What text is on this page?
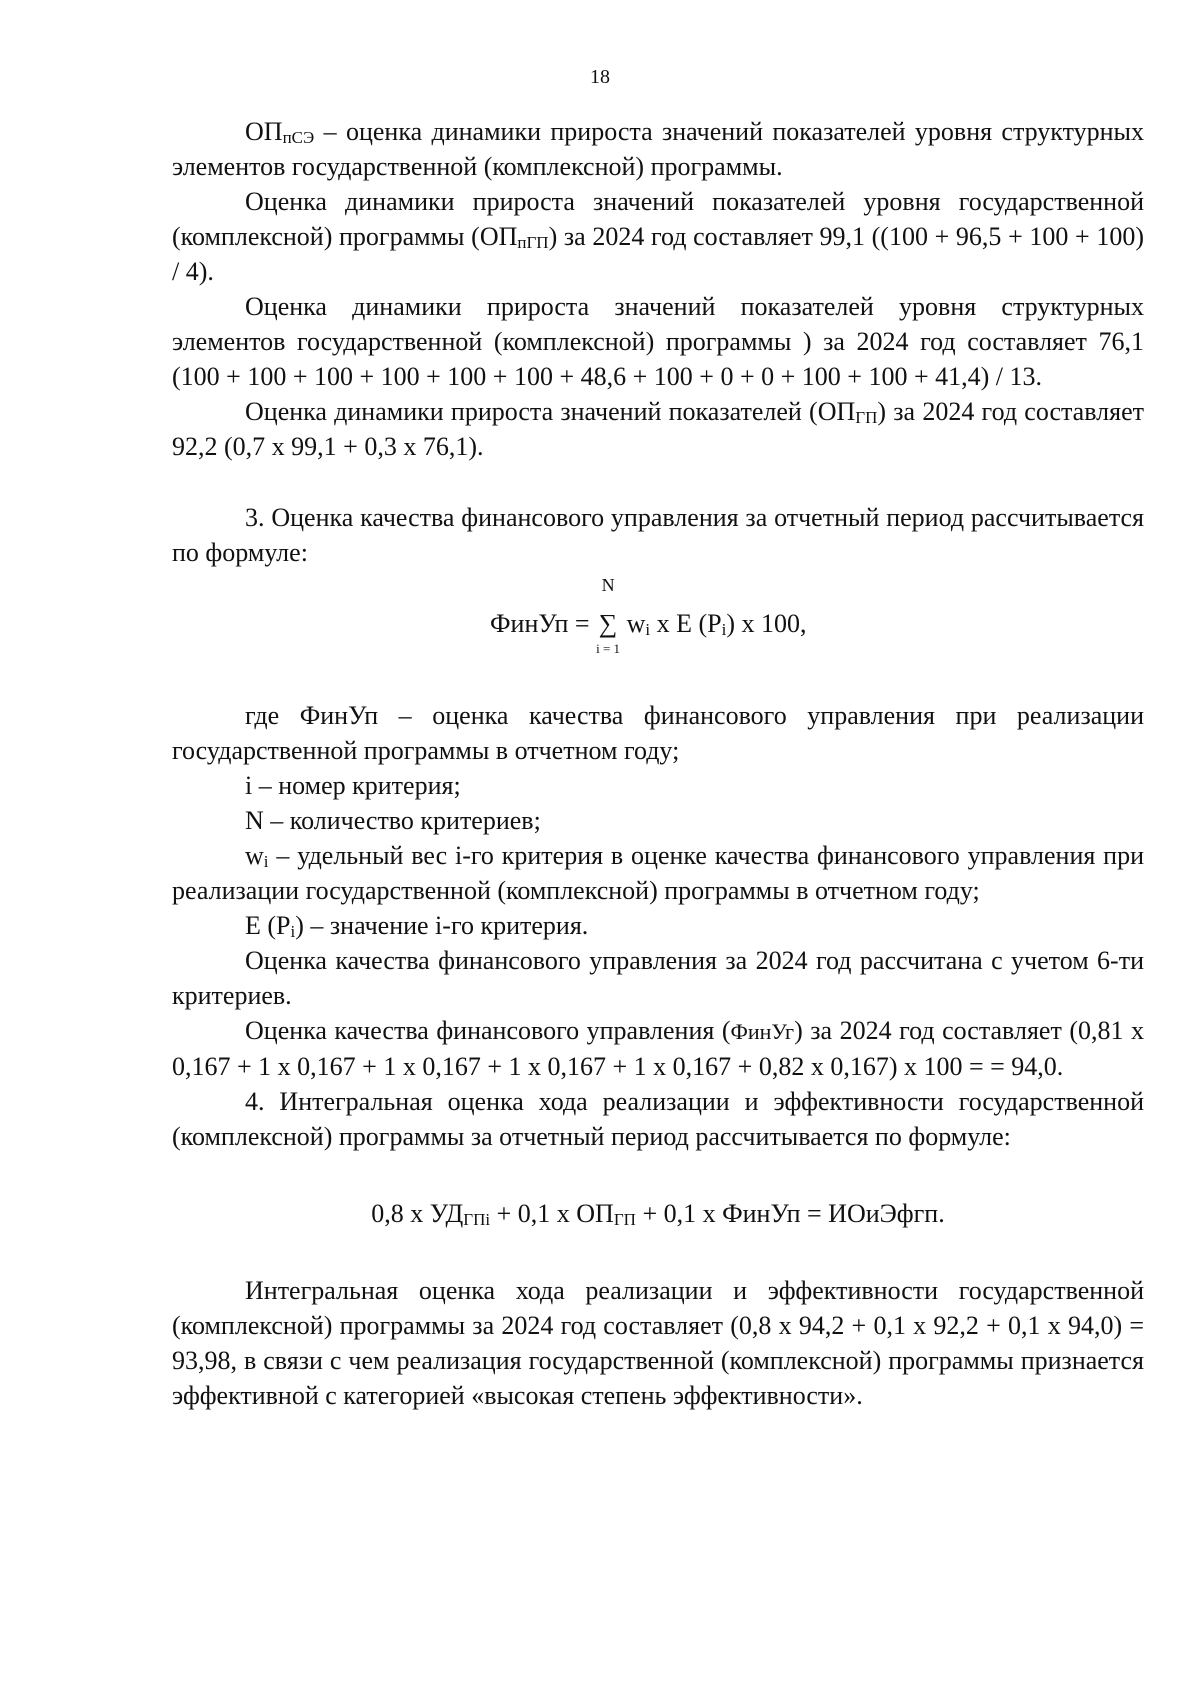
18

$ОП_{пСЭ}$ – оценка динамики прироста значений показателей уровня структурных элементов государственной (комплексной) программы.

Оценка динамики прироста значений показателей уровня государственной (комплексной) программы $(ОП_{пГП})$ за 2024 год составляет 99,1 ((100 + 96,5 + 100 + 100) / 4).

Оценка динамики прироста значений показателей уровня структурных элементов государственной (комплексной) программы ) за 2024 год составляет 76,1 (100 + 100 + 100 + 100 + 100 + 100 + 48,6 + 100 + 0 + 0 + 100 + 100 + 41,4) / 13.

Оценка динамики прироста значений показателей $(ОП_{ГП})$ за 2024 год составляет 92,2 (0,7 х 99,1 + 0,3 х 76,1).

3. Оценка качества финансового управления за отчетный период рассчитывается по формуле:

ФинУп =
N
∑
i = 1
$w_i$ х Е $(Р_i)$ х 100,

где ФинУп – оценка качества финансового управления при реализации государственной программы в отчетном году;

i – номер критерия;

N – количество критериев;

$w_i$ – удельный вес i-го критерия в оценке качества финансового управления при реализации государственной (комплексной) программы в отчетном году;

Е $(Р_i)$ – значение i-го критерия.

Оценка качества финансового управления за 2024 год рассчитана с учетом 6-ти критериев.

Оценка качества финансового управления (ФинУг) за 2024 год составляет (0,81 х 0,167 + 1 х 0,167 + 1 х 0,167 + 1 х 0,167 + 1 х 0,167 + 0,82 х 0,167) х 100 = = 94,0.

4. Интегральная оценка хода реализации и эффективности государственной (комплексной) программы за отчетный период рассчитывается по формуле:

0,8 х $УД_{ГПi} + 0,1$ х $ОП_{ГП} + 0,1$ х ФинУп = ИОиЭфгп.

Интегральная оценка хода реализации и эффективности государственной (комплексной) программы за 2024 год составляет (0,8 х 94,2 + 0,1 х 92,2 + 0,1 х 94,0) = 93,98, в связи с чем реализация государственной (комплексной) программы признается эффективной с категорией «высокая степень эффективности».
